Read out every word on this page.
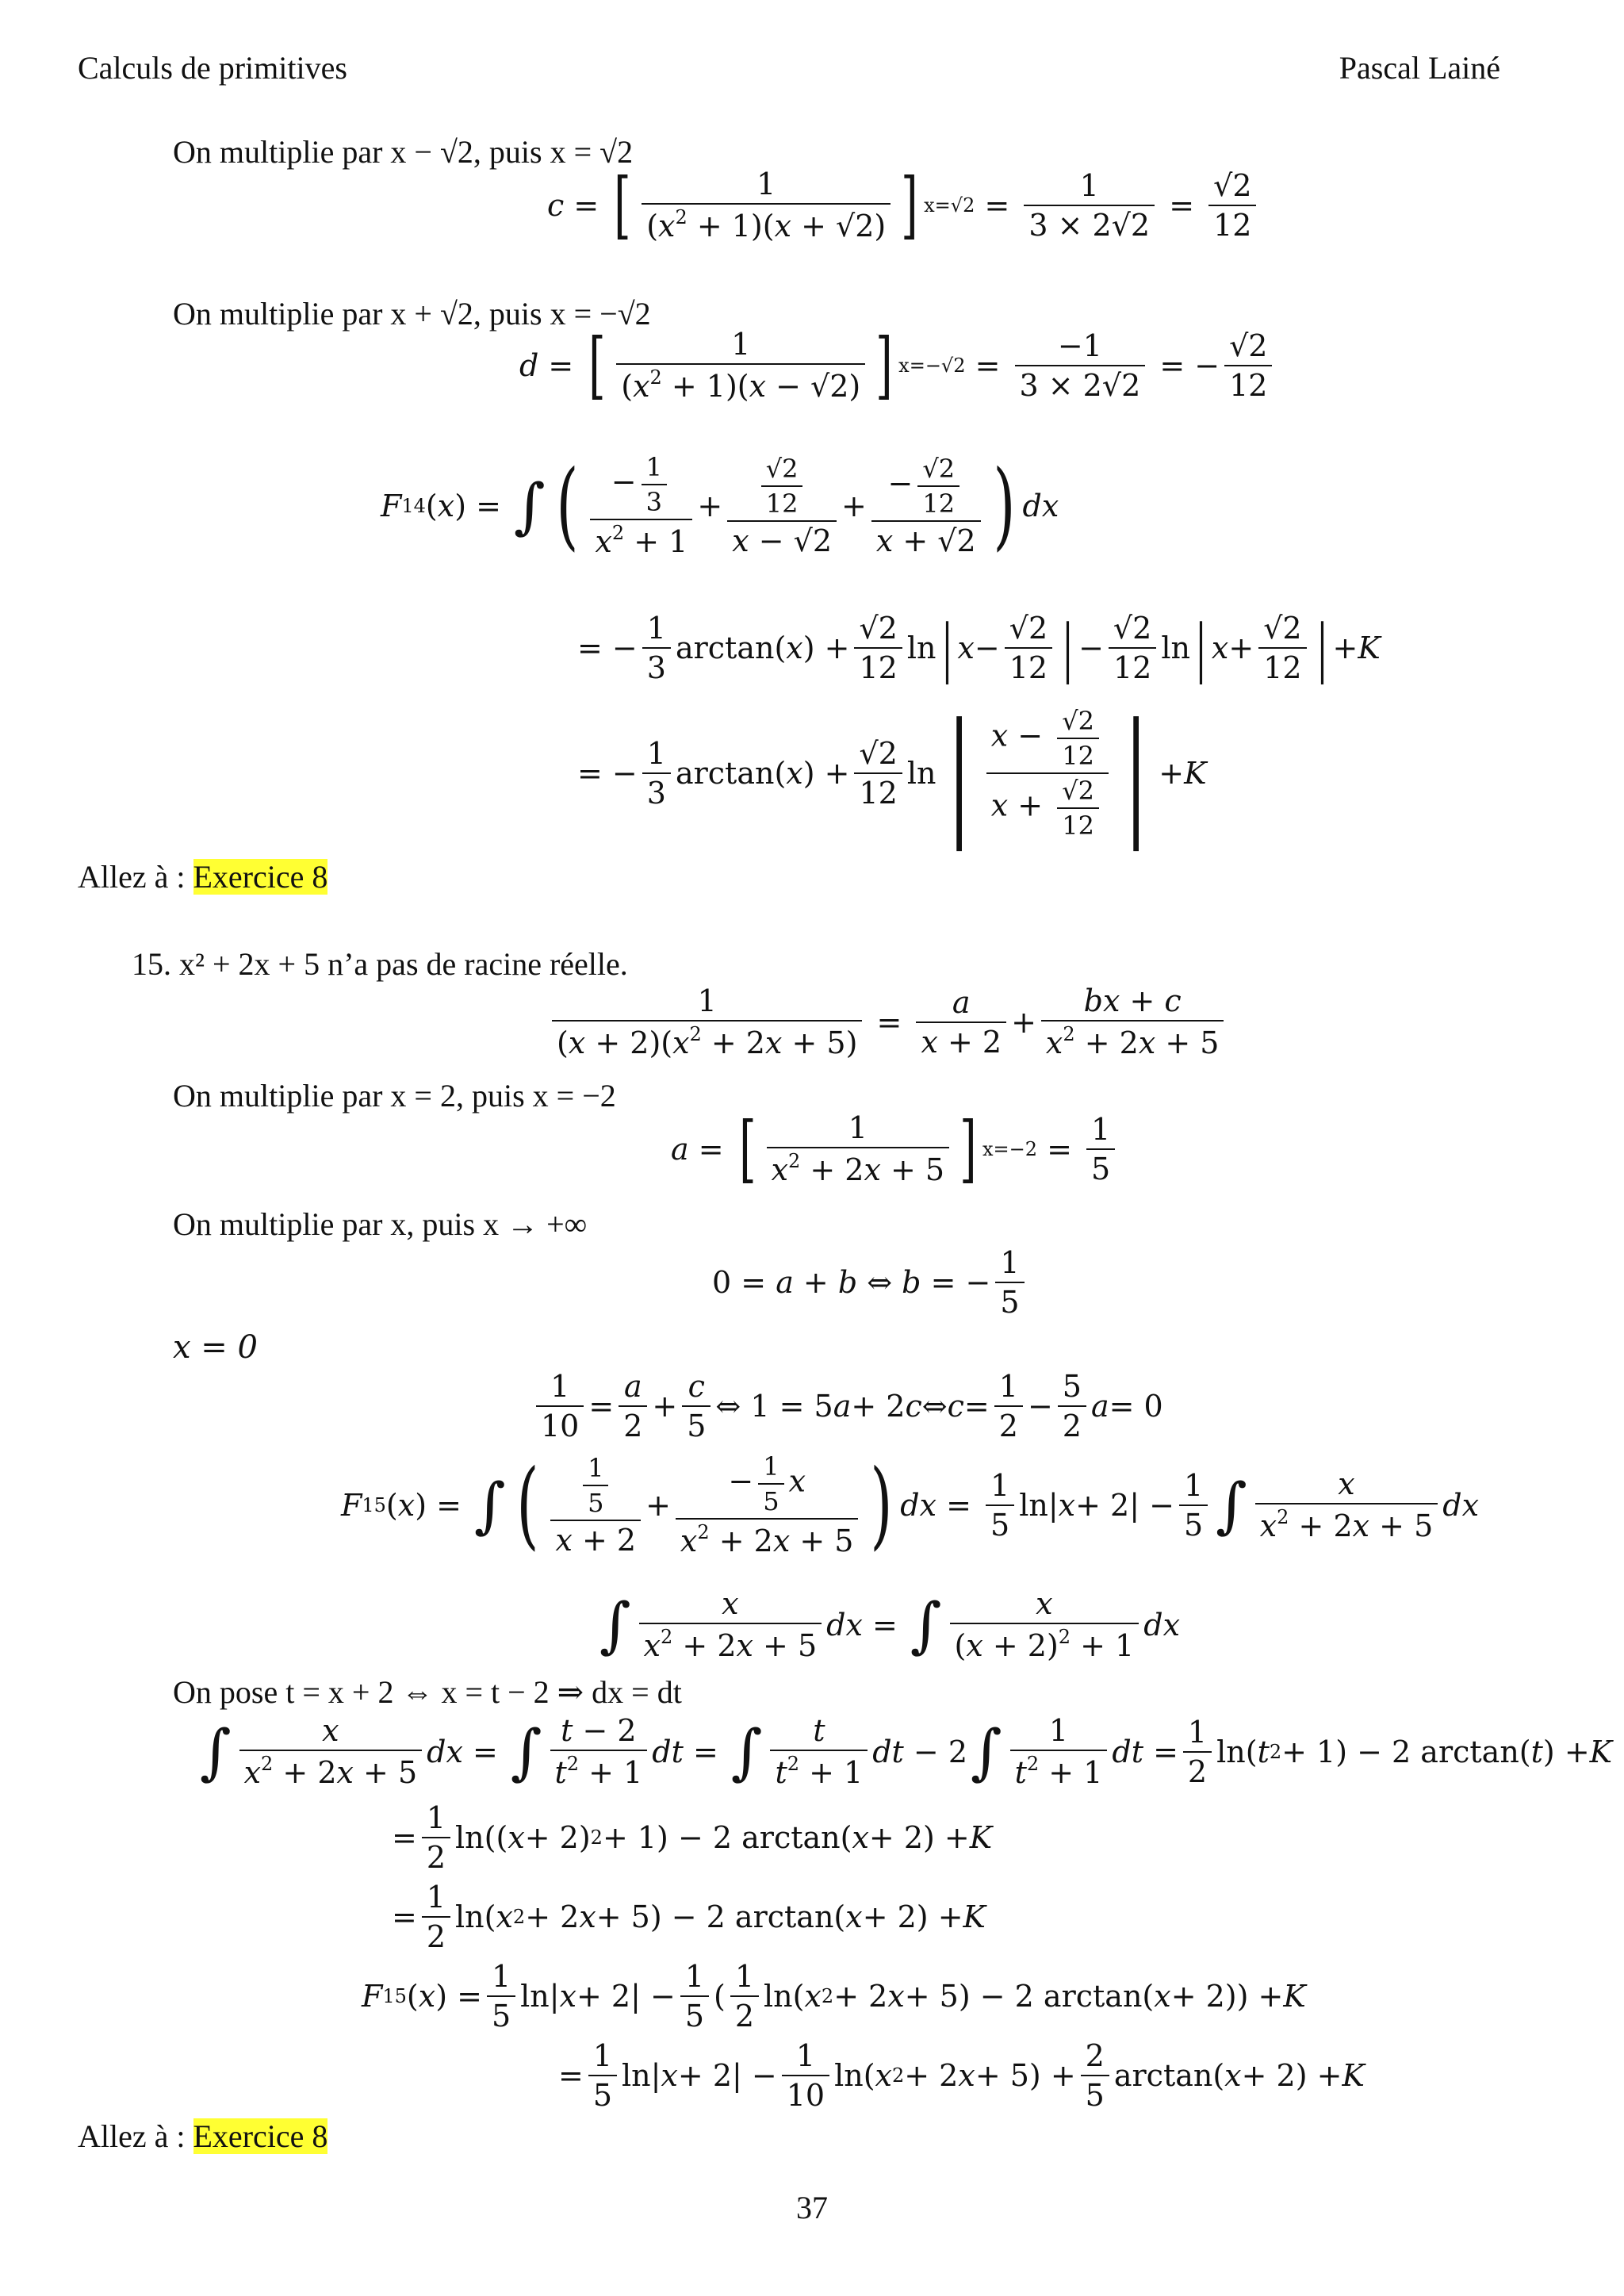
Calculs de primitives	Pascal Lainé
On multiplie par x − √2, puis x = √2
c = [ $\frac{1}{(x^2 + 1)(x + √2)}$ ] $x=√2 = \frac{1}{3 \times 2√2} = \frac{√2}{12}$
On multiplie par x + √2, puis x = −√2
d = [ $\frac{1}{(x^2 + 1)(x - √2)}$ ] $x=-√2 = \frac{-1}{3 \times 2√2}$ = − $\frac{√2}{12}$
F 14 ( x ) = ∫ ( $\frac{- \frac{1}{3}}{x^2 + 1} + \frac{\frac{√2}{12}}{x - √2} + \frac{- \frac{√2}{12}}{x + √2}$ ) dx
= − $\frac{1}{3} \arctan$( x ) + $\frac{√2}{12}$ ln | $x - \frac{√2}{12}$ | − $\frac{√2}{12}$ ln | $x + \frac{√2}{12}$ | + K
= − $\frac{1}{3} \arctan$( x ) + $\frac{√2}{12}$ ln | $\frac{x - \frac{√2}{12}}{x + \frac{√2}{12}}$ | + K
Allez à : Exercice 8
15. x² + 2x + 5 n’a pas de racine réelle.
$\frac{1}{(x + 2)(x^2 + 2x + 5)} = \frac{a}{x + 2} + \frac{bx + c}{x^2 + 2x + 5}$
On multiplie par x = 2, puis x = −2
a = [ $\frac{1}{x^2 + 2x + 5}$ ] $x=-2 = \frac{1}{5}$
On multiplie par x, puis x → +∞
0 = a + b ⇔ b = − $\frac{1}{5}$
x = 0
$\frac{1}{10} = \frac{a}{2} + \frac{c}{5}$ ⇔ 1 = 5 a + 2 c ⇔ $c = \frac{1}{2} - \frac{5}{2}$ a = 0
F 15 ( x ) = ∫ ( $\frac{\frac{1}{5}}{x + 2} + \frac{- \frac{1}{5} x}{x^2 + 2x + 5}$ ) dx = $\frac{1}{5} \ln|$ $x + 2| - \frac{1}{5}$ ∫ $\frac{x}{x^2 + 2x + 5}$ dx
∫ $\frac{x}{x^2 + 2x + 5}$ dx = ∫ $\frac{x}{(x + 2)^2 + 1}$ dx
On pose t = x + 2 ⇔ x = t − 2 ⇒ dx = dt
∫ $\frac{x}{x^2 + 2x + 5}$ dx = ∫ $\frac{t - 2}{t^2 + 1}$ dt = ∫ $\frac{t}{t^2 + 1}$ dt − 2 ∫ $\frac{1}{t^2 + 1}$ dt = $\frac{1}{2} \ln$( t 2 + 1) − 2 arctan( t ) + K
= $\frac{1}{2} \ln$(( x + 2) 2 + 1) − 2 arctan( x + 2) + K
= $\frac{1}{2} \ln$( x 2 + 2 x + 5) − 2 arctan( x + 2) + K
F 15 ( x ) = $\frac{1}{5} \ln|$ $x + 2| - \frac{1}{5}$ ( $\frac{1}{2} \ln$( x 2 + 2 x + 5) − 2 arctan( x + 2)) + K
= $\frac{1}{5} \ln|$ $x + 2| - \frac{1}{10} \ln$( x 2 + 2 $x + 5) + \frac{2}{5} \arctan$( x + 2) + K
Allez à : Exercice 8
37
